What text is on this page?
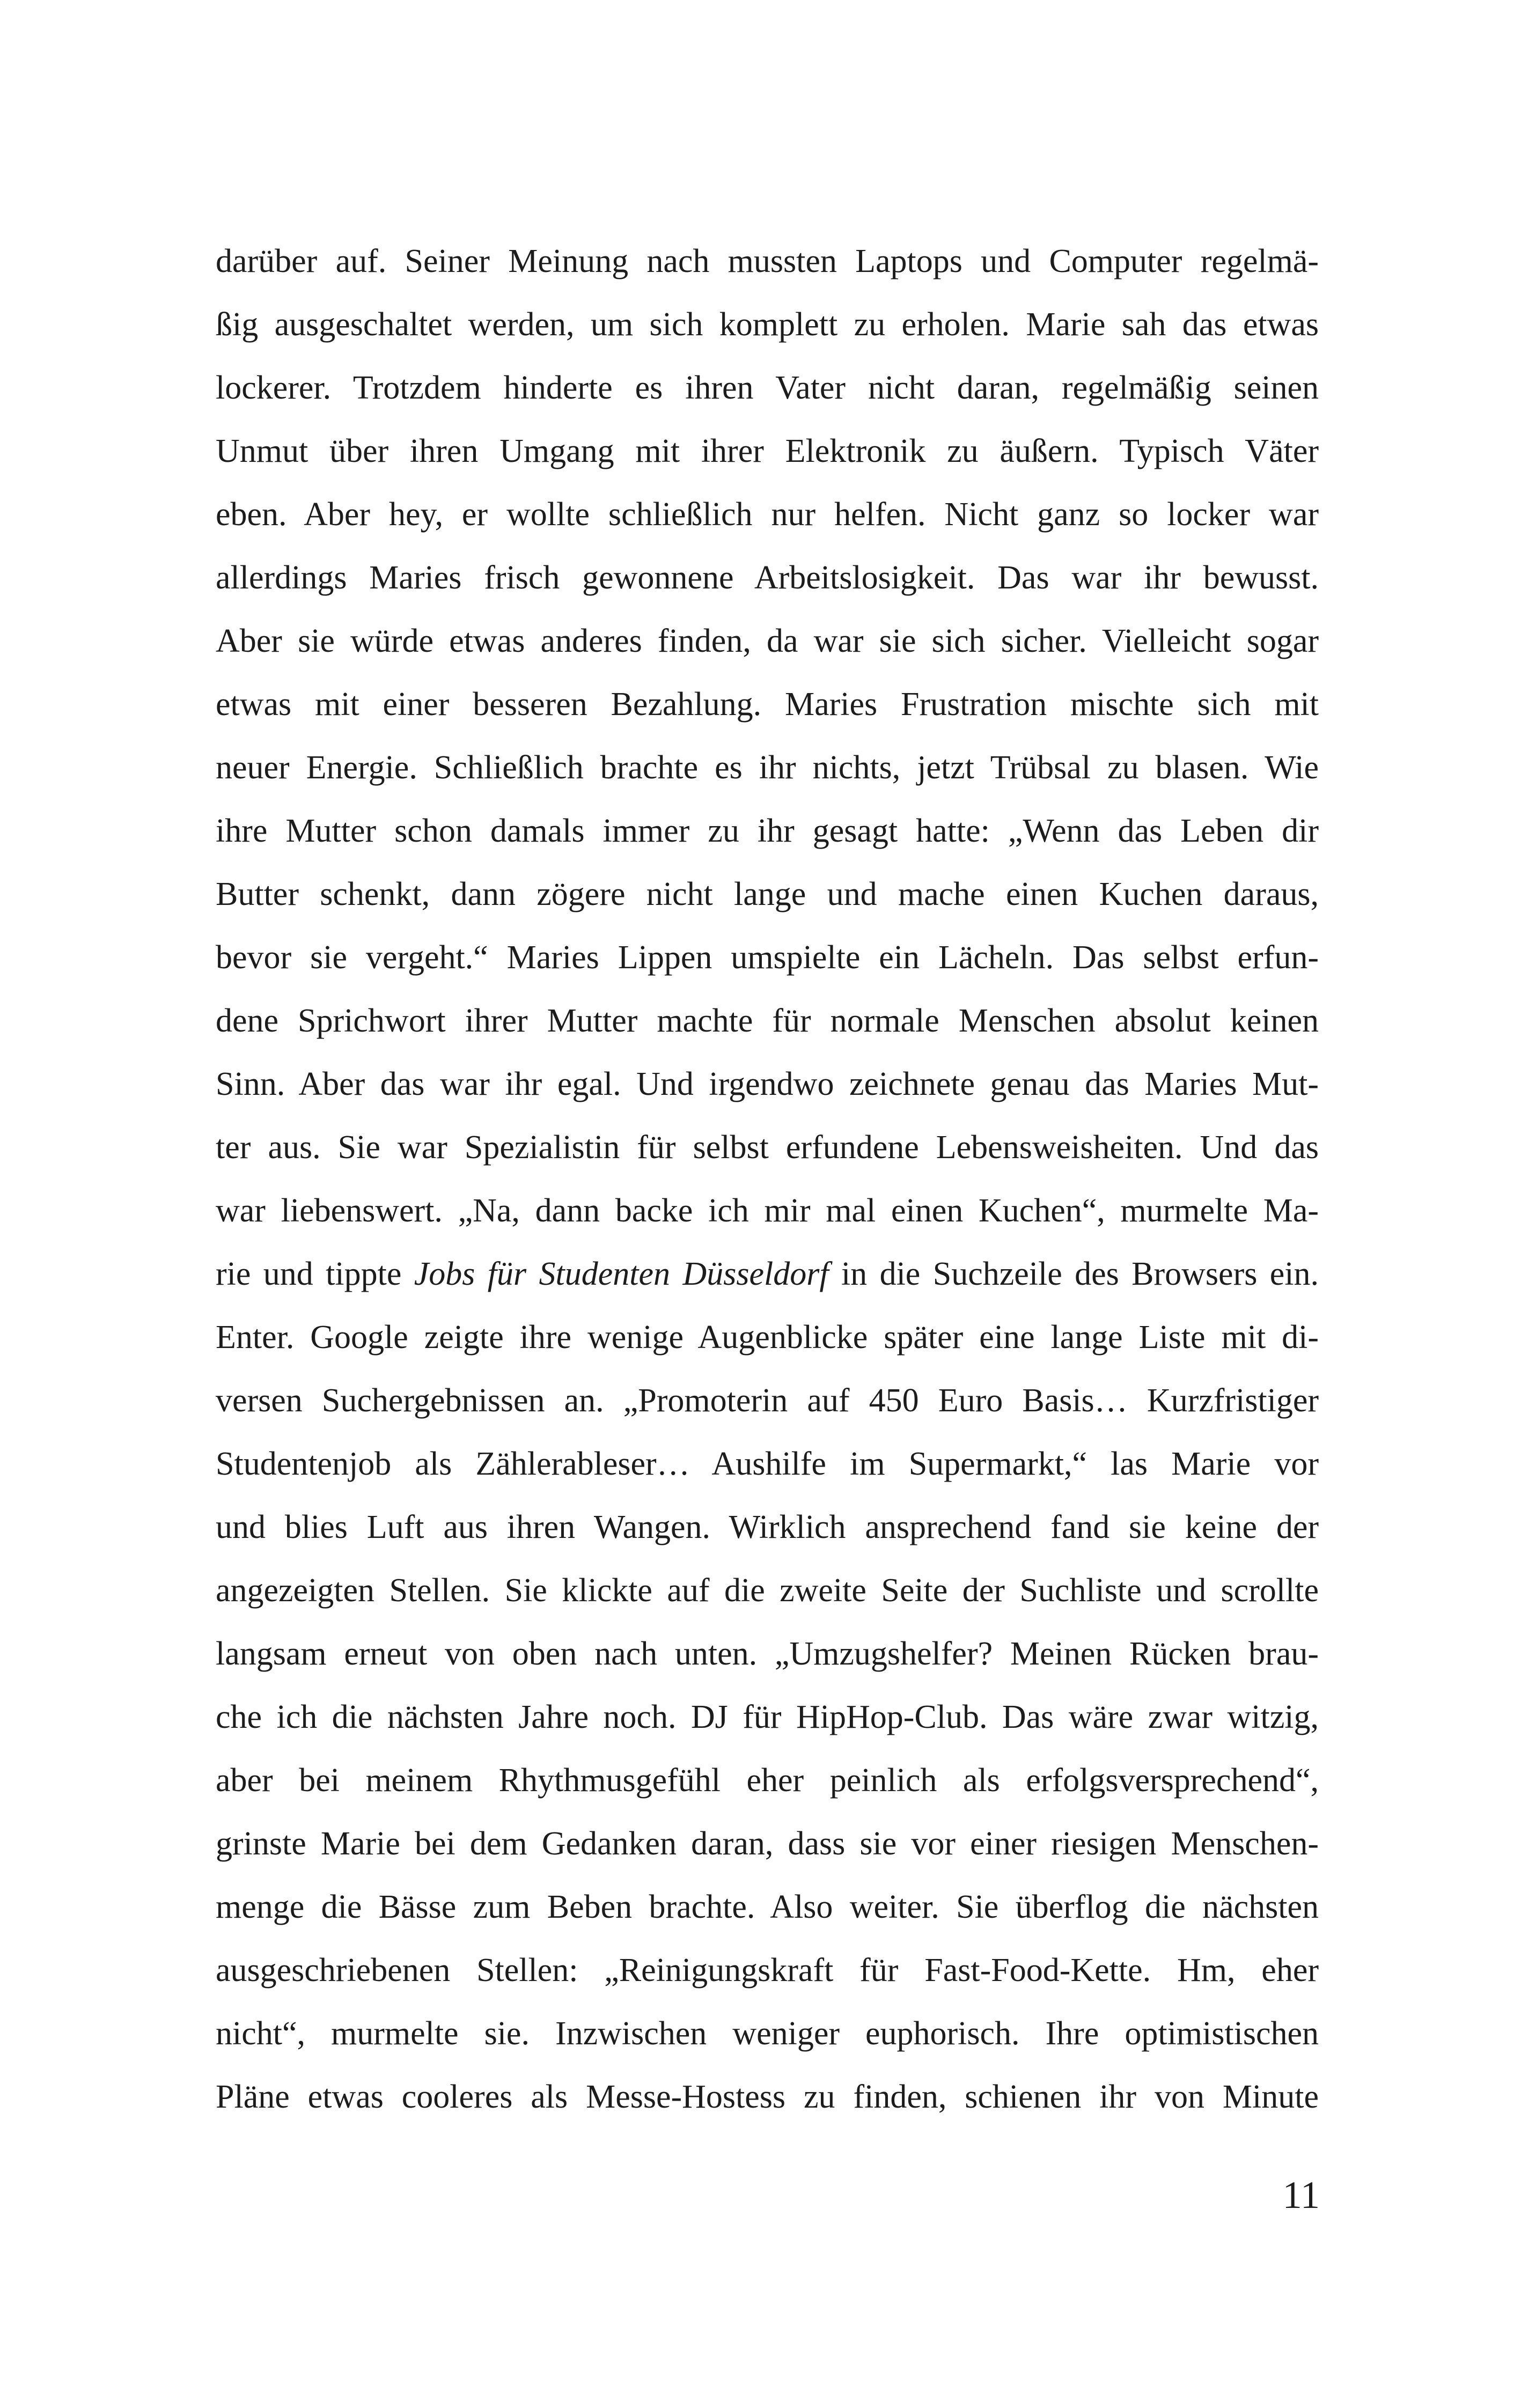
darüber auf. Seiner Meinung nach mussten Laptops und Computer regelmä-
ßig ausgeschaltet werden, um sich komplett zu erholen. Marie sah das etwas
lockerer. Trotzdem hinderte es ihren Vater nicht daran, regelmäßig seinen
Unmut über ihren Umgang mit ihrer Elektronik zu äußern. Typisch Väter
eben. Aber hey, er wollte schließlich nur helfen. Nicht ganz so locker war
allerdings Maries frisch gewonnene Arbeitslosigkeit. Das war ihr bewusst.
Aber sie würde etwas anderes finden, da war sie sich sicher. Vielleicht sogar
etwas mit einer besseren Bezahlung. Maries Frustration mischte sich mit
neuer Energie. Schließlich brachte es ihr nichts, jetzt Trübsal zu blasen. Wie
ihre Mutter schon damals immer zu ihr gesagt hatte: „Wenn das Leben dir
Butter schenkt, dann zögere nicht lange und mache einen Kuchen daraus,
bevor sie vergeht.“ Maries Lippen umspielte ein Lächeln. Das selbst erfun-
dene Sprichwort ihrer Mutter machte für normale Menschen absolut keinen
Sinn. Aber das war ihr egal. Und irgendwo zeichnete genau das Maries Mut-
ter aus. Sie war Spezialistin für selbst erfundene Lebensweisheiten. Und das
war liebenswert. „Na, dann backe ich mir mal einen Kuchen“, murmelte Ma-
rie und tippte Jobs für Studenten Düsseldorf in die Suchzeile des Browsers ein.
Enter. Google zeigte ihre wenige Augenblicke später eine lange Liste mit di-
versen Suchergebnissen an. „Promoterin auf 450 Euro Basis… Kurzfristiger
Studentenjob als Zählerableser… Aushilfe im Supermarkt,“ las Marie vor
und blies Luft aus ihren Wangen. Wirklich ansprechend fand sie keine der
angezeigten Stellen. Sie klickte auf die zweite Seite der Suchliste und scrollte
langsam erneut von oben nach unten. „Umzugshelfer? Meinen Rücken brau-
che ich die nächsten Jahre noch. DJ für HipHop-Club. Das wäre zwar witzig,
aber bei meinem Rhythmusgefühl eher peinlich als erfolgsversprechend“,
grinste Marie bei dem Gedanken daran, dass sie vor einer riesigen Menschen-
menge die Bässe zum Beben brachte. Also weiter. Sie überflog die nächsten
ausgeschriebenen Stellen: „Reinigungskraft für Fast-Food-Kette. Hm, eher
nicht“, murmelte sie. Inzwischen weniger euphorisch. Ihre optimistischen
Pläne etwas cooleres als Messe-Hostess zu finden, schienen ihr von Minute
11
